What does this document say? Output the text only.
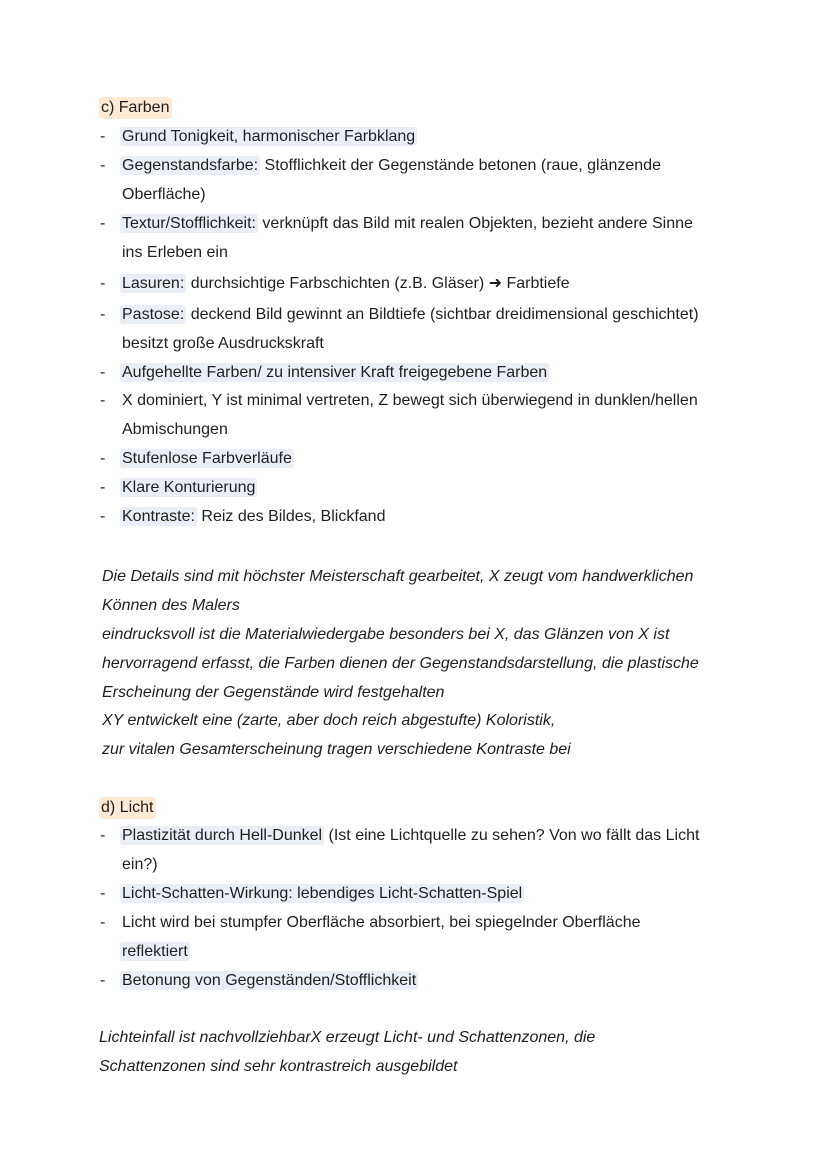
c) Farben
- Grund Tonigkeit, harmonischer Farbklang
- Gegenstandsfarbe: Stofflichkeit der Gegenstände betonen (raue, glänzende
Oberfläche)
- Textur/Stofflichkeit: verknüpft das Bild mit realen Objekten, bezieht andere Sinne
ins Erleben ein
- Lasuren: durchsichtige Farbschichten (z.B. Gläser) ➜ Farbtiefe
- Pastose: deckend Bild gewinnt an Bildtiefe (sichtbar dreidimensional geschichtet)
besitzt große Ausdruckskraft
- Aufgehellte Farben/ zu intensiver Kraft freigegebene Farben
- X dominiert, Y ist minimal vertreten, Z bewegt sich überwiegend in dunklen/hellen
Abmischungen
- Stufenlose Farbverläufe
- Klare Konturierung
- Kontraste: Reiz des Bildes, Blickfand
Die Details sind mit höchster Meisterschaft gearbeitet, X zeugt vom handwerklichen
Können des Malers
eindrucksvoll ist die Materialwiedergabe besonders bei X, das Glänzen von X ist
hervorragend erfasst, die Farben dienen der Gegenstandsdarstellung, die plastische
Erscheinung der Gegenstände wird festgehalten
XY entwickelt eine (zarte, aber doch reich abgestufte) Koloristik,
zur vitalen Gesamterscheinung tragen verschiedene Kontraste bei
d) Licht
- Plastizität durch Hell-Dunkel (Ist eine Lichtquelle zu sehen? Von wo fällt das Licht
ein?)
- Licht-Schatten-Wirkung: lebendiges Licht-Schatten-Spiel
- Licht wird bei stumpfer Oberfläche absorbiert, bei spiegelnder Oberfläche
reflektiert
- Betonung von Gegenständen/Stofflichkeit
Lichteinfall ist nachvollziehbarX erzeugt Licht- und Schattenzonen, die
Schattenzonen sind sehr kontrastreich ausgebildet
